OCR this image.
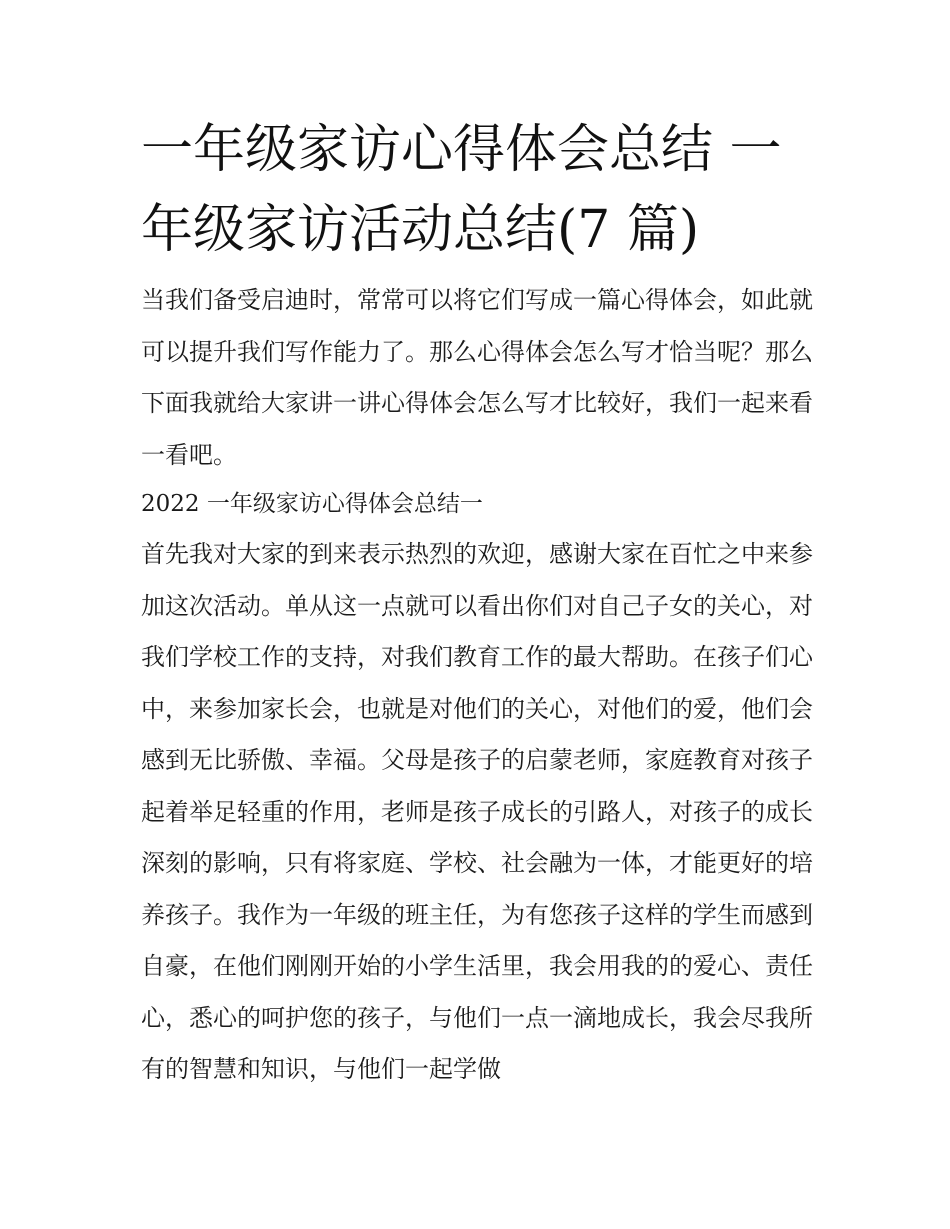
一年级家访心得体会总结 一年级家访活动总结(7 篇)

当我们备受启迪时，常常可以将它们写成一篇心得体会，如此就可以提升我们写作能力了。那么心得体会怎么写才恰当呢？那么下面我就给大家讲一讲心得体会怎么写才比较好，我们一起来看一看吧。

2022 一年级家访心得体会总结一

首先我对大家的到来表示热烈的欢迎，感谢大家在百忙之中来参加这次活动。单从这一点就可以看出你们对自己子女的关心，对我们学校工作的支持，对我们教育工作的最大帮助。在孩子们心中，来参加家长会，也就是对他们的关心，对他们的爱，他们会感到无比骄傲、幸福。父母是孩子的启蒙老师，家庭教育对孩子起着举足轻重的作用，老师是孩子成长的引路人，对孩子的成长深刻的影响，只有将家庭、学校、社会融为一体，才能更好的培养孩子。我作为一年级的班主任，为有您孩子这样的学生而感到自豪，在他们刚刚开始的小学生活里，我会用我的的爱心、责任心，悉心的呵护您的孩子，与他们一点一滴地成长，我会尽我所有的智慧和知识，与他们一起学做
